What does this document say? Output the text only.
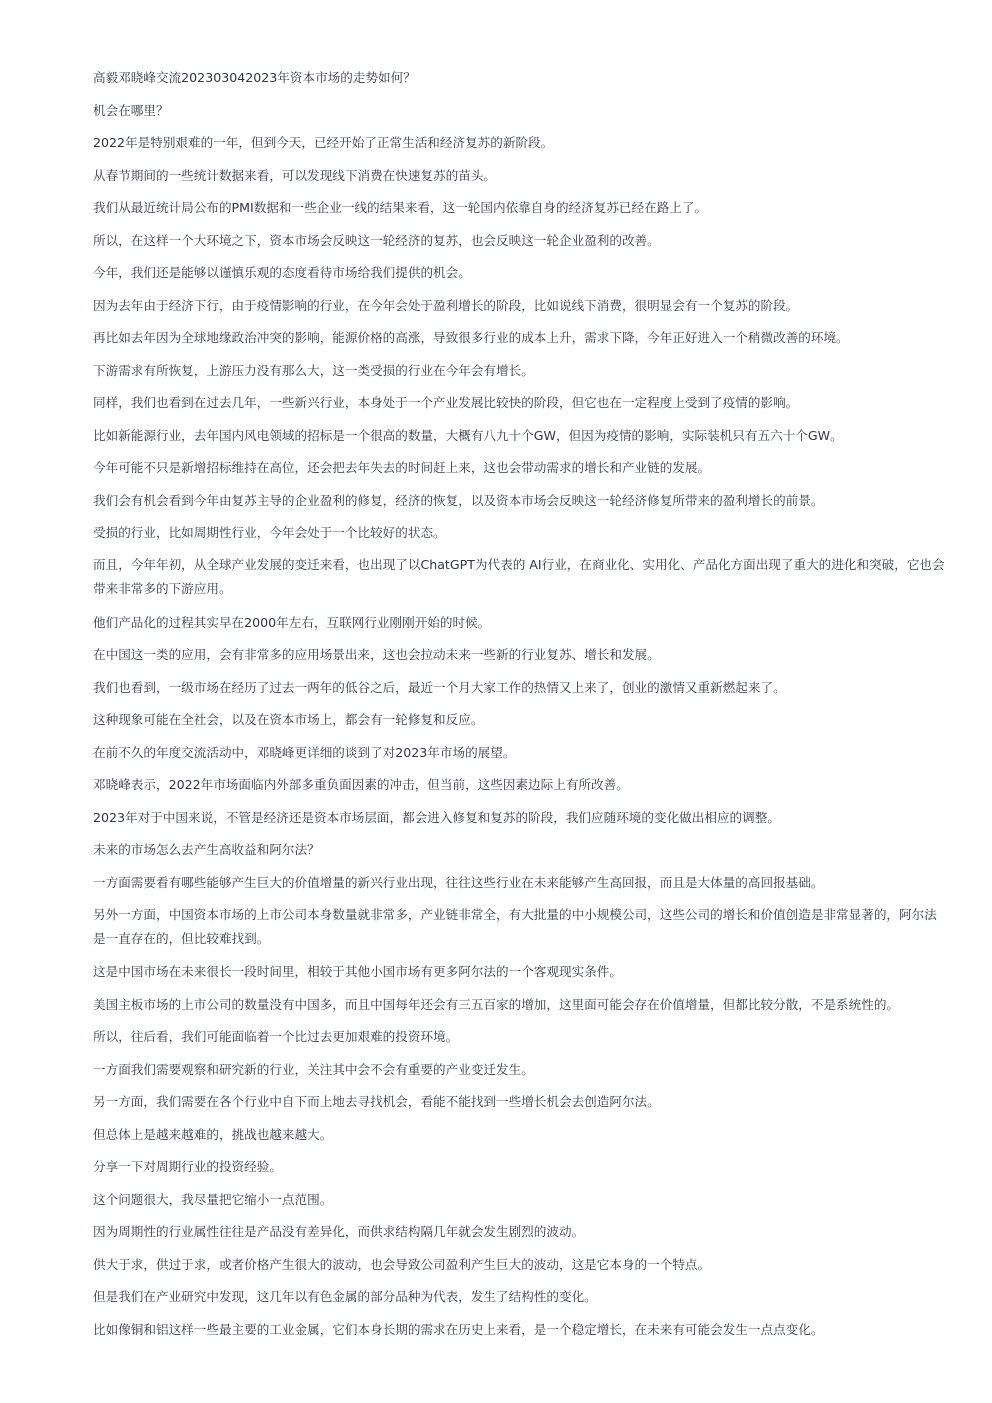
高毅邓晓峰交流202303042023年资本市场的走势如何？

机会在哪里？

2022年是特别艰难的一年，但到今天，已经开始了正常生活和经济复苏的新阶段。

从春节期间的一些统计数据来看，可以发现线下消费在快速复苏的苗头。

我们从最近统计局公布的PMI数据和一些企业一线的结果来看，这一轮国内依靠自身的经济复苏已经在路上了。

所以，在这样一个大环境之下，资本市场会反映这一轮经济的复苏，也会反映这一轮企业盈利的改善。

今年，我们还是能够以谨慎乐观的态度看待市场给我们提供的机会。

因为去年由于经济下行，由于疫情影响的行业，在今年会处于盈利增长的阶段，比如说线下消费，很明显会有一个复苏的阶段。

再比如去年因为全球地缘政治冲突的影响，能源价格的高涨，导致很多行业的成本上升，需求下降，今年正好进入一个稍微改善的环境。

下游需求有所恢复，上游压力没有那么大，这一类受损的行业在今年会有增长。

同样，我们也看到在过去几年，一些新兴行业，本身处于一个产业发展比较快的阶段，但它也在一定程度上受到了疫情的影响。

比如新能源行业，去年国内风电领域的招标是一个很高的数量，大概有八九十个GW，但因为疫情的影响，实际装机只有五六十个GW。

今年可能不只是新增招标维持在高位，还会把去年失去的时间赶上来，这也会带动需求的增长和产业链的发展。

我们会有机会看到今年由复苏主导的企业盈利的修复，经济的恢复，以及资本市场会反映这一轮经济修复所带来的盈利增长的前景。

受损的行业，比如周期性行业，今年会处于一个比较好的状态。

而且，今年年初，从全球产业发展的变迁来看，也出现了以ChatGPT为代表的 AI行业，在商业化、实用化、产品化方面出现了重大的进化和突破，它也会带来非常多的下游应用。

他们产品化的过程其实早在2000年左右，互联网行业刚刚开始的时候。

在中国这一类的应用，会有非常多的应用场景出来，这也会拉动未来一些新的行业复苏、增长和发展。

我们也看到，一级市场在经历了过去一两年的低谷之后，最近一个月大家工作的热情又上来了，创业的激情又重新燃起来了。

这种现象可能在全社会，以及在资本市场上，都会有一轮修复和反应。

在前不久的年度交流活动中，邓晓峰更详细的谈到了对2023年市场的展望。

邓晓峰表示，2022年市场面临内外部多重负面因素的冲击，但当前，这些因素边际上有所改善。

2023年对于中国来说，不管是经济还是资本市场层面，都会进入修复和复苏的阶段，我们应随环境的变化做出相应的调整。

未来的市场怎么去产生高收益和阿尔法？

一方面需要看有哪些能够产生巨大的价值增量的新兴行业出现，往往这些行业在未来能够产生高回报，而且是大体量的高回报基础。

另外一方面，中国资本市场的上市公司本身数量就非常多，产业链非常全，有大批量的中小规模公司，这些公司的增长和价值创造是非常显著的，阿尔法是一直存在的，但比较难找到。

这是中国市场在未来很长一段时间里，相较于其他小国市场有更多阿尔法的一个客观现实条件。

美国主板市场的上市公司的数量没有中国多，而且中国每年还会有三五百家的增加，这里面可能会存在价值增量，但都比较分散，不是系统性的。

所以，往后看，我们可能面临着一个比过去更加艰难的投资环境。

一方面我们需要观察和研究新的行业，关注其中会不会有重要的产业变迁发生。

另一方面，我们需要在各个行业中自下而上地去寻找机会，看能不能找到一些增长机会去创造阿尔法。

但总体上是越来越难的，挑战也越来越大。

分享一下对周期行业的投资经验。

这个问题很大，我尽量把它缩小一点范围。

因为周期性的行业属性往往是产品没有差异化，而供求结构隔几年就会发生剧烈的波动。

供大于求，供过于求，或者价格产生很大的波动，也会导致公司盈利产生巨大的波动，这是它本身的一个特点。

但是我们在产业研究中发现，这几年以有色金属的部分品种为代表，发生了结构性的变化。

比如像铜和铝这样一些最主要的工业金属，它们本身长期的需求在历史上来看，是一个稳定增长，在未来有可能会发生一点点变化。
